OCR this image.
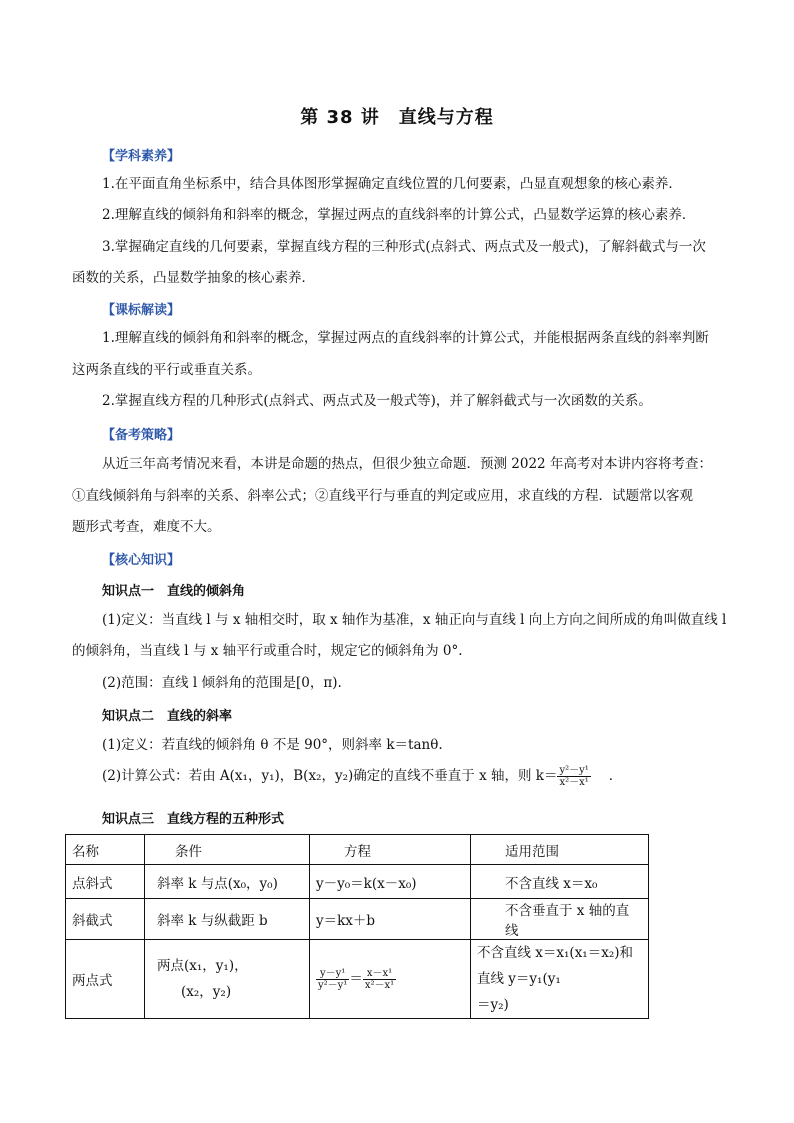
第 38 讲　直线与方程
【学科素养】
1.在平面直角坐标系中，结合具体图形掌握确定直线位置的几何要素，凸显直观想象的核心素养．
2.理解直线的倾斜角和斜率的概念，掌握过两点的直线斜率的计算公式，凸显数学运算的核心素养．
3.掌握确定直线的几何要素，掌握直线方程的三种形式(点斜式、两点式及一般式)，了解斜截式与一次
函数的关系，凸显数学抽象的核心素养．
【课标解读】
1.理解直线的倾斜角和斜率的概念，掌握过两点的直线斜率的计算公式，并能根据两条直线的斜率判断
这两条直线的平行或垂直关系。
2.掌握直线方程的几种形式(点斜式、两点式及一般式等)，并了解斜截式与一次函数的关系。
【备考策略】
从近三年高考情况来看，本讲是命题的热点，但很少独立命题．预测 2022 年高考对本讲内容将考查：
①直线倾斜角与斜率的关系、斜率公式；②直线平行与垂直的判定或应用，求直线的方程．试题常以客观
题形式考查，难度不大。
【核心知识】
知识点一　直线的倾斜角
(1)定义：当直线 l 与 x 轴相交时，取 x 轴作为基准，x 轴正向与直线 l 向上方向之间所成的角叫做直线 l
的倾斜角，当直线 l 与 x 轴平行或重合时，规定它的倾斜角为 0°.
(2)范围：直线 l 倾斜角的范围是[0，π).
知识点二　直线的斜率
(1)定义：若直线的倾斜角 θ 不是 90°，则斜率 k＝tanθ.
(2)计算公式：若由 A(x₁，y₁)，B(x₂，y₂)确定的直线不垂直于 x 轴，则 $k= \frac{\text{y²－y¹}}{\text{x²－x¹}}$ ．
知识点三　直线方程的五种形式
名称	条件	方程	适用范围
点斜式	斜率 k 与点(x₀，y₀)	y－y₀＝k(x－x₀)	不含直线 x＝x₀
斜截式	斜率 k 与纵截距 b	y＝kx＋b	不含垂直于 x 轴的直线
两点式	两点(x₁，y₁)，
(x₂，y₂)	$\frac{\text{y－y¹}}{\text{y²－y¹}} = \frac{\text{x－x¹}}{\text{x²－x¹}}$	不含直线 x＝x₁(x₁＝x₂)和直线 y＝y₁(y₁
＝y₂)
